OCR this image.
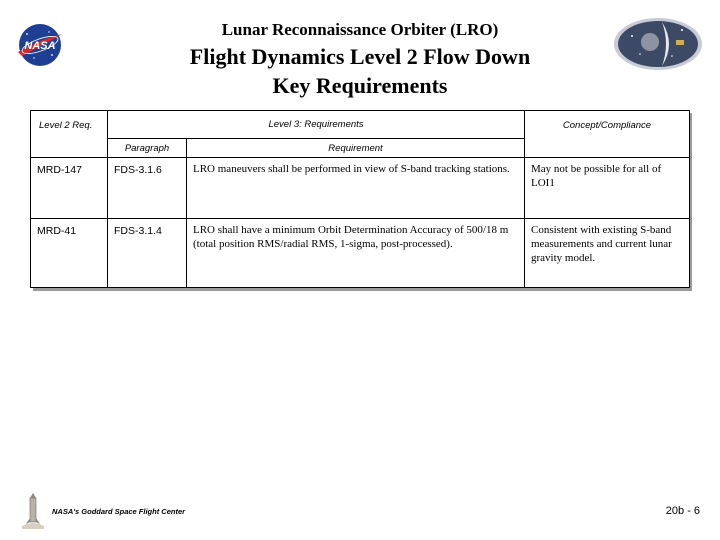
NASA
Lunar Reconnaissance Orbiter (LRO)
Flight Dynamics Level 2 Flow Down
Key Requirements
Level 2 Req.	Level 3: Requirements		Concept/Compliance
	Paragraph	Requirement	
MRD-147	FDS-3.1.6	LRO maneuvers shall be performed in view of S-band tracking stations.	May not be possible for all of LOI1
MRD-41	FDS-3.1.4	LRO shall have a minimum Orbit Determination Accuracy of 500/18 m (total position RMS/radial RMS, 1-sigma, post-processed).	Consistent with existing S-band measurements and current lunar gravity model.
NASA's Goddard Space Flight Center	20b - 6
